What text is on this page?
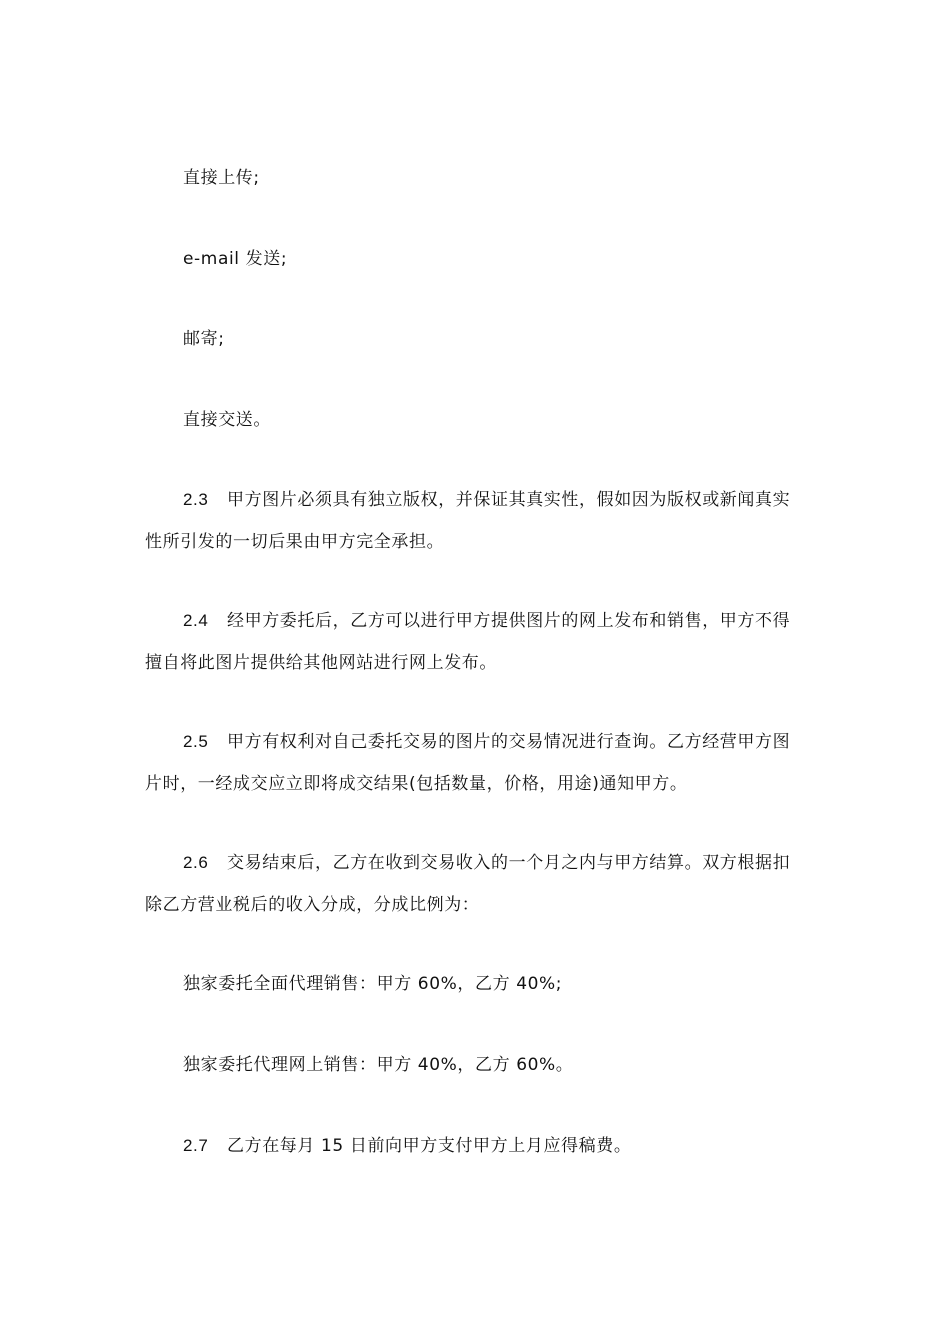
直接上传;

e-mail 发送;

邮寄;

直接交送。

2.3 甲方图片必须具有独立版权，并保证其真实性，假如因为版权或新闻真实性所引发的一切后果由甲方完全承担。

2.4 经甲方委托后，乙方可以进行甲方提供图片的网上发布和销售，甲方不得擅自将此图片提供给其他网站进行网上发布。

2.5 甲方有权利对自己委托交易的图片的交易情况进行查询。乙方经营甲方图片时，一经成交应立即将成交结果(包括数量，价格，用途)通知甲方。

2.6 交易结束后，乙方在收到交易收入的一个月之内与甲方结算。双方根据扣除乙方营业税后的收入分成，分成比例为：

独家委托全面代理销售：甲方 60%，乙方 40%;

独家委托代理网上销售：甲方 40%，乙方 60%。

2.7 乙方在每月 15 日前向甲方支付甲方上月应得稿费。
